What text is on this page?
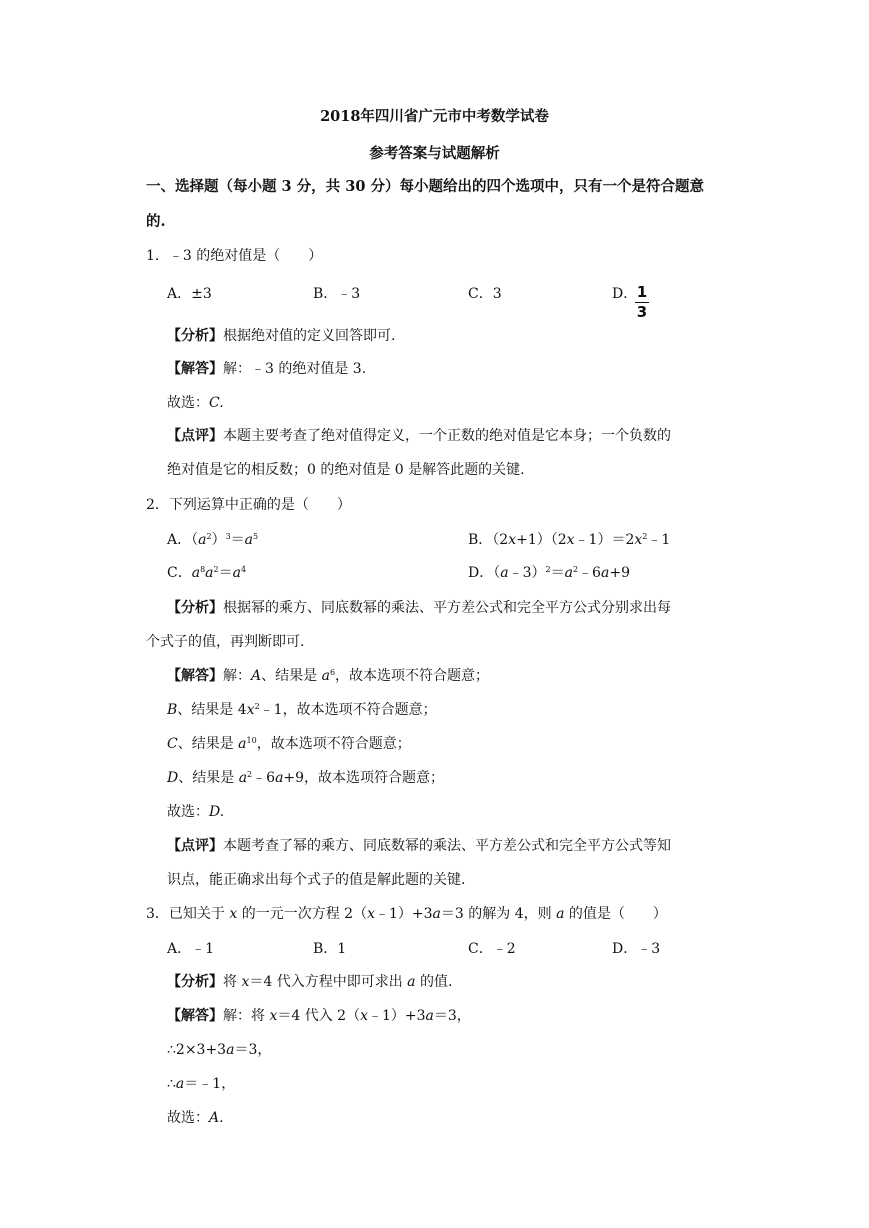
2018年四川省广元市中考数学试卷
参考答案与试题解析
一、选择题（每小题 3 分，共 30 分）每小题给出的四个选项中，只有一个是符合题意
的.
1．﹣3 的绝对值是（　　）
A．±3	B．﹣3	C．3	D． 1
3
【分析】根据绝对值的定义回答即可.
【解答】解：﹣3 的绝对值是 3.
故选：C.
【点评】本题主要考查了绝对值得定义，一个正数的绝对值是它本身；一个负数的
绝对值是它的相反数；0 的绝对值是 0 是解答此题的关键.
2．下列运算中正确的是（　　）
A．$(a^2)^3=a^5$	B．$(2x+1)(2x﹣1)=2x^2﹣1$
C．$a^8a^2=a^4$	D．$(a﹣3)^2=a^2﹣6a+9$
【分析】根据幂的乘方、同底数幂的乘法、平方差公式和完全平方公式分别求出每
个式子的值，再判断即可.
【解答】解：A、结果是 $a^6$，故本选项不符合题意；
B、结果是 $4x^2﹣1$，故本选项不符合题意；
C、结果是 $a^{10}$，故本选项不符合题意；
D、结果是 $a^2﹣6a+9$，故本选项符合题意；
故选：D.
【点评】本题考查了幂的乘方、同底数幂的乘法、平方差公式和完全平方公式等知
识点，能正确求出每个式子的值是解此题的关键.
3．已知关于 x 的一元一次方程 2（x﹣1）+3a＝3 的解为 4，则 a 的值是（　　）
A．﹣1	B．1	C．﹣2	D．﹣3
【分析】将 x＝4 代入方程中即可求出 a 的值.
【解答】解：将 x＝4 代入 2（x﹣1）+3a＝3，
∴2×3+3a＝3，
∴a＝﹣1，
故选：A.
